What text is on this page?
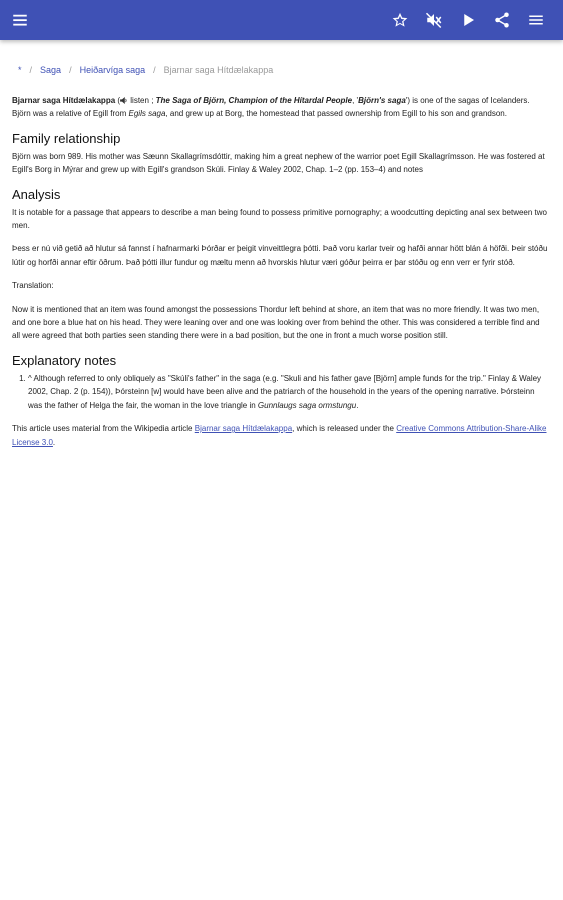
* / Saga / Heiðarvíga saga / Bjarnar saga Hítdælakappa

Bjarnar saga Hítdælakappa ( listen ; The Saga of Björn, Champion of the Hítardal People, 'Björn's saga') is one of the sagas of Icelanders. Björn was a relative of Egill from Egils saga, and grew up at Borg, the homestead that passed ownership from Egill to his son and grandson.

Family relationship

Björn was born 989. His mother was Sæunn Skallagrímsdóttir, making him a great nephew of the warrior poet Egill Skallagrímsson. He was fostered at Egill's Borg in Mýrar and grew up with Egill's grandson Skúli. Finlay & Waley 2002, Chap. 1–2 (pp. 153–4) and notes

Analysis

It is notable for a passage that appears to describe a man being found to possess primitive pornography; a woodcutting depicting anal sex between two men.

Þess er nú við getið að hlutur sá fannst í hafnarmarki Þórðar er þeigit vinveittlegra þótti. Það voru karlar tveir og hafði annar hött blán á höfði. Þeir stóðu lútir og horfði annar eftir öðrum. Það þótti illur fundur og mæltu menn að hvorskis hlutur væri góður þeirra er þar stóðu og enn verr er fyrir stóð.

Translation:

Now it is mentioned that an item was found amongst the possessions Thordur left behind at shore, an item that was no more friendly. It was two men, and one bore a blue hat on his head. They were leaning over and one was looking over from behind the other. This was considered a terrible find and all were agreed that both parties seen standing there were in a bad position, but the one in front a much worse position still.

Explanatory notes
1. ^ Although referred to only obliquely as "Skúli's father" in the saga (e.g. "Skuli and his father gave [Björn] ample funds for the trip." Finlay & Waley 2002, Chap. 2 (p. 154)), Þórsteinn [w] would have been alive and the patriarch of the household in the years of the opening narrative. Þórsteinn was the father of Helga the fair, the woman in the love triangle in Gunnlaugs saga ormstungu.

This article uses material from the Wikipedia article Bjarnar saga Hítdælakappa, which is released under the Creative Commons Attribution-Share-Alike License 3.0.
